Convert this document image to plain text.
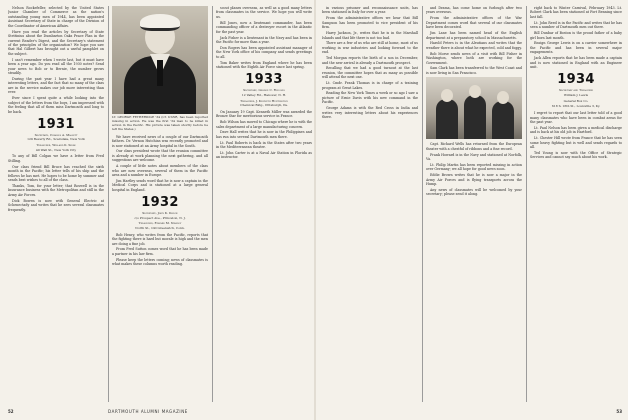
Nelson Rockefeller, selected by the United States Junior Chamber of Commerce as the nation's outstanding young men of 1944, has been appointed Assistant Secretary of State in charge of the Division of the Coordinator of American Affairs.

Have you read the articles by Secretary of State Stettinius about the Dumbarton Oaks Peace Plan in the current Reader's Digest, and the Secretary's statement of the principles of the organization? We hope you saw that Hal Gilbert has brought out a useful pamphlet on the subject.

I can't remember when I wrote last, but it must have been a year ago. Do you read all the 1930 notes? Send your news to Bob or to Bernie, the number grows steadily.

During the past year I have had a great many interesting letters, and the fact that so many of the class are in the service makes our job more interesting than ever.

Ever since I spent quite a while looking into the subject of the letters from the boys, I am impressed with the feeling that all of them miss Dartmouth and long to be back.

1931
Secretary, Charles A. Mallett
129 Beverly Rd., Scarsdale, New York
Treasurer, Willard K. Shaw
40 Wall St., New York City

To any of Bill Colgan we have a letter from Fred Stilling.

Our class friend Bill Bruce has reached the sixth month in the Pacific; his letter tells of his ship and the fellows he has met. He hopes to be home by summer and sends best wishes to all of the class.

Thanks, Tom, for your letter; that Roswell is in the Insurance business with the Metropolitan and still in the Army Air Forces.

Dick Bowen is now with General Electric at Schenectady and writes that he sees several classmates frequently.

LT. GEORGE FETHERIDGE '34 (LT. USNR, has been reported missing in action. He was the first '34 man to be killed in action in the Pacific. His picture was taken shortly before he left the States.)

We have received news of a couple of our Dartmouth fathers. Dr. Vernon Hutchins was recently promoted and is now stationed at an Army hospital in the South.

Our class president wrote that the reunion committee is already at work planning the next gathering, and all suggestions are welcome.

A couple of little notes about members of the class who are now overseas, several of them in the Pacific area and a number in Europe.

Jim Hartley sends word that he is now a captain in the Medical Corps and is stationed at a large general hospital in England.

1932
Secretary, John K. Dodge
c/o Prospect Ave., Princeton, N. J.
Treasurer, Edward M. Stanley
North St., Old Greenwich, Conn.

Bob Henry, who writes from the Pacific, reports that the fighting there is hard but morale is high and the men are doing a fine job.

From Fred Sutton comes word that he has been made a partner in his law firm.

Please keep the letters coming; news of classmates is what makes these columns worth reading.

scout planes overseas, as well as a good many letters from classmates in the service. We hope you will write us.

Bill Jones, now a lieutenant commander, has been commanding officer of a destroyer escort in the Atlantic for the past year.

Jack Fisher is a lieutenant in the Navy and has been in the Pacific for more than a year.

Don Rogers has been appointed assistant manager of the New York office of his company and sends greetings to all.

Tom Baker writes from England where he has been stationed with the Eighth Air Force since last spring.

1933
Secretary, George C. Ruggles
12 Valley Rd., Hanover, N. H.
Treasurer, J. Kenneth Huntington
Chemical Bldg., Pittsburgh, Pa.

On January 19 Capt. Kenneth Miller was awarded the Bronze Star for meritorious service in France.

Bob Wilson has moved to Chicago where he is with the sales department of a large manufacturing concern.

Dave Hall writes that he is now in the Philippines and has run into several Dartmouth men there.

Lt. Paul Roberts is back in the States after two years in the Mediterranean theater.

Lt. John Carter is at a Naval Air Station in Florida as an instructor.

in various prisoner and reconnaissance units, has been stationed in Italy for over a year.

From the administrative offices we hear that Bill Sampson has been promoted to vice president of his firm.

Harry Jackson, Jr., writes that he is in the Marshall Islands and that life there is not too bad.

There are a few of us who are still at home, most of us working in war industries and looking forward to the end.

Ted Morgan reports the birth of a son in December, and the new arrival is already a Dartmouth prospect.

Recalling that we had a good turnout at the last reunion, the committee hopes that as many as possible will attend the next one.

Lt. Cmdr. Frank Thomas is in charge of a training program at Great Lakes.

Reading the New York Times a week or so ago I saw a picture of Ernie Davis with his new command in the Pacific.

George Adams is with the Red Cross in India and writes very interesting letters about his experiences there.

and Drama, has come home on furlough after two years overseas.

From the administrative offices of the War Department comes word that several of our classmates have been decorated.

Jim Lane has been named head of the English department at a preparatory school in Massachusetts.

Harold Peters is in the Aleutians and writes that the weather there is about what he expected, cold and foggy.

Bob Morse sends news of a visit with Bill Fisher in Washington, where both are working for the Government.

Sam Clark has been transferred to the West Coast and is now living in San Francisco.

Capt. Richard Wells has returned from the European theater with a chestful of ribbons and a fine record.

Frank Howard is in the Navy and stationed at Norfolk, Va.

Lt. Philip Martin has been reported missing in action over Germany; we all hope for good news soon.

Eddie Brown writes that he is now a major in the Army Air Forces and is flying transports across the Hump.

Any news of classmates will be welcomed by your secretary; please send it along.

right back to Winter Carnival, February 1943. Lt. Robert Clark has been stationed at Fort Benning since last fall.

Lt. John Reed is in the Pacific and writes that he has seen a number of Dartmouth men out there.

Bill Dunbar of Boston is the proud father of a baby girl born last month.

Ensign George Lewis is on a carrier somewhere in the Pacific and has been in several major engagements.

Jack Allen reports that he has been made a captain and is now stationed in England with an Engineer unit.

1934
Secretary and Treasurer
William J. Lewis
General Box Co.
618 S. 16th St., Louisville 3, Ky.

I regret to report that our last letter told of a good many classmates who have been in combat areas for the past year.

Lt. Paul Nelson has been given a medical discharge and is back at his old job in Hartford.

Lt. Chester Hill wrote from France that he has seen some heavy fighting but is well and sends regards to all.

Ted Young is now with the Office of Strategic Services and cannot say much about his work.

52	DARTMOUTH ALUMNI MAGAZINE	53
